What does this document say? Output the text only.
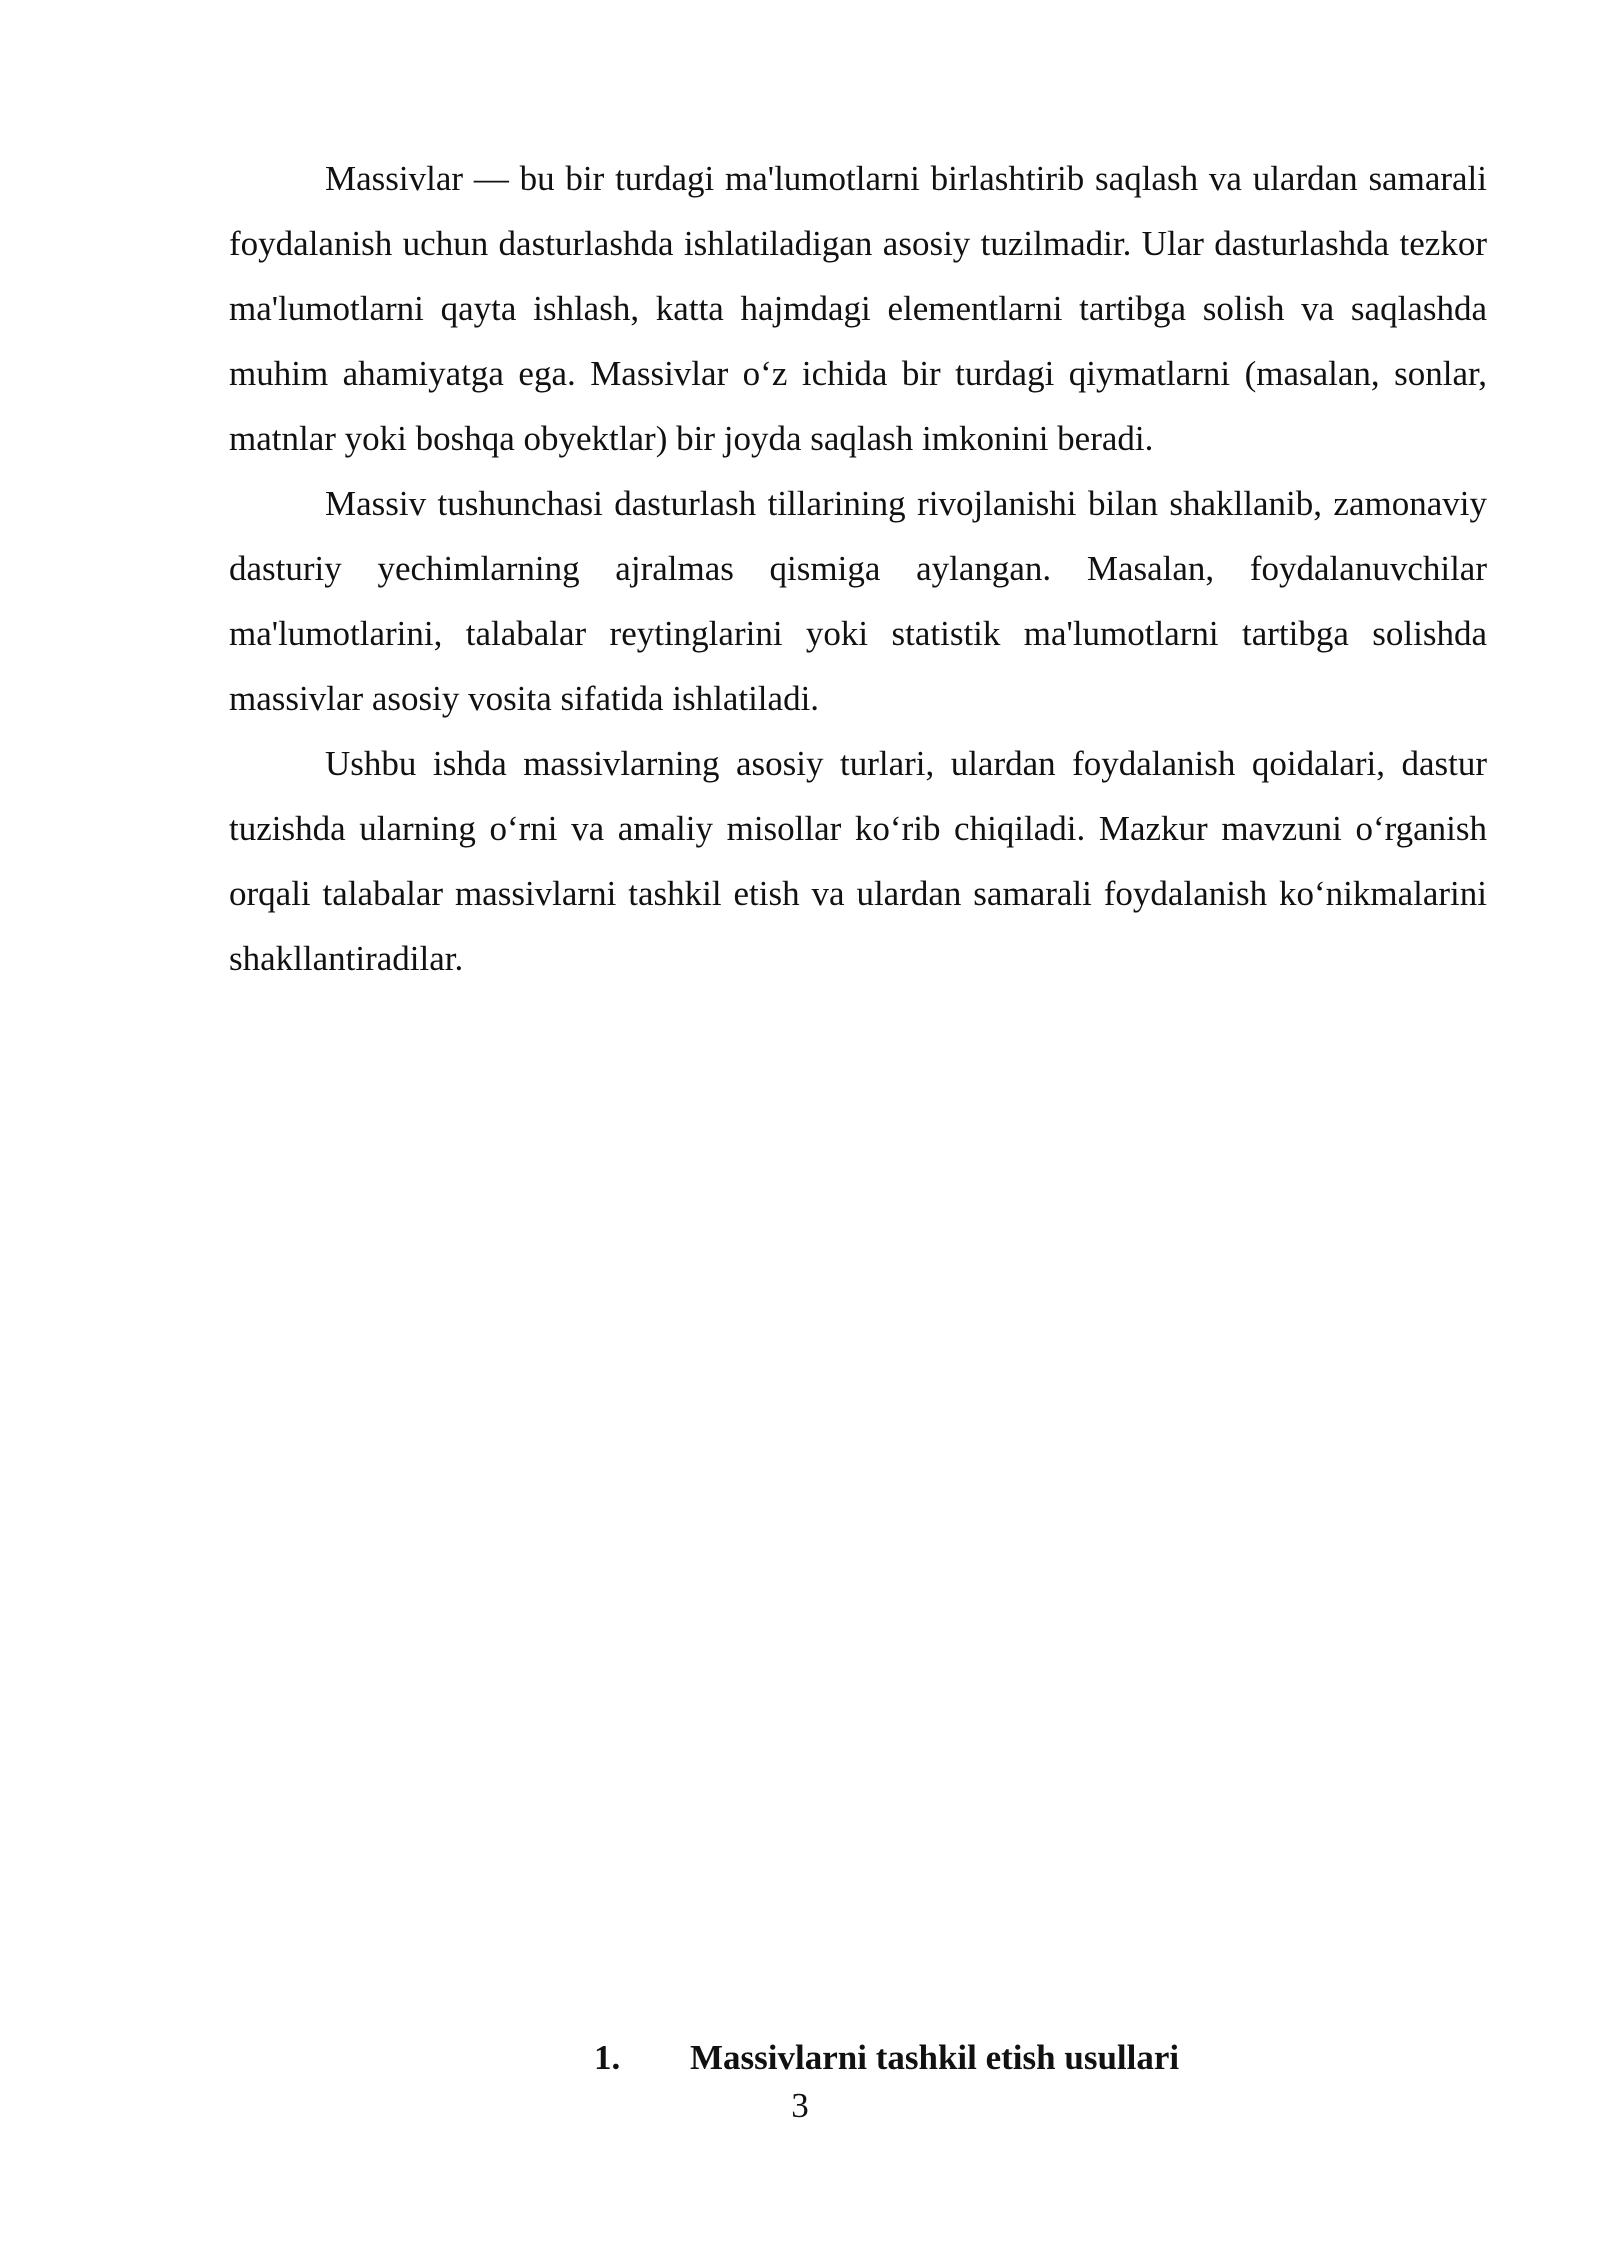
Massivlar — bu bir turdagi ma'lumotlarni birlashtirib saqlash va ulardan samarali foydalanish uchun dasturlashda ishlatiladigan asosiy tuzilmadir. Ular dasturlashda tezkor ma'lumotlarni qayta ishlash, katta hajmdagi elementlarni tartibga solish va saqlashda muhim ahamiyatga ega. Massivlar o‘z ichida bir turdagi qiymatlarni (masalan, sonlar, matnlar yoki boshqa obyektlar) bir joyda saqlash imkonini beradi.

Massiv tushunchasi dasturlash tillarining rivojlanishi bilan shakllanib, zamonaviy dasturiy yechimlarning ajralmas qismiga aylangan. Masalan, foydalanuvchilar ma'lumotlarini, talabalar reytinglarini yoki statistik ma'lumotlarni tartibga solishda massivlar asosiy vosita sifatida ishlatiladi.

Ushbu ishda massivlarning asosiy turlari, ulardan foydalanish qoidalari, dastur tuzishda ularning o‘rni va amaliy misollar ko‘rib chiqiladi. Mazkur mavzuni o‘rganish orqali talabalar massivlarni tashkil etish va ulardan samarali foydalanish ko‘nikmalarini shakllantiradilar.

1. Massivlarni tashkil etish usullari

3
